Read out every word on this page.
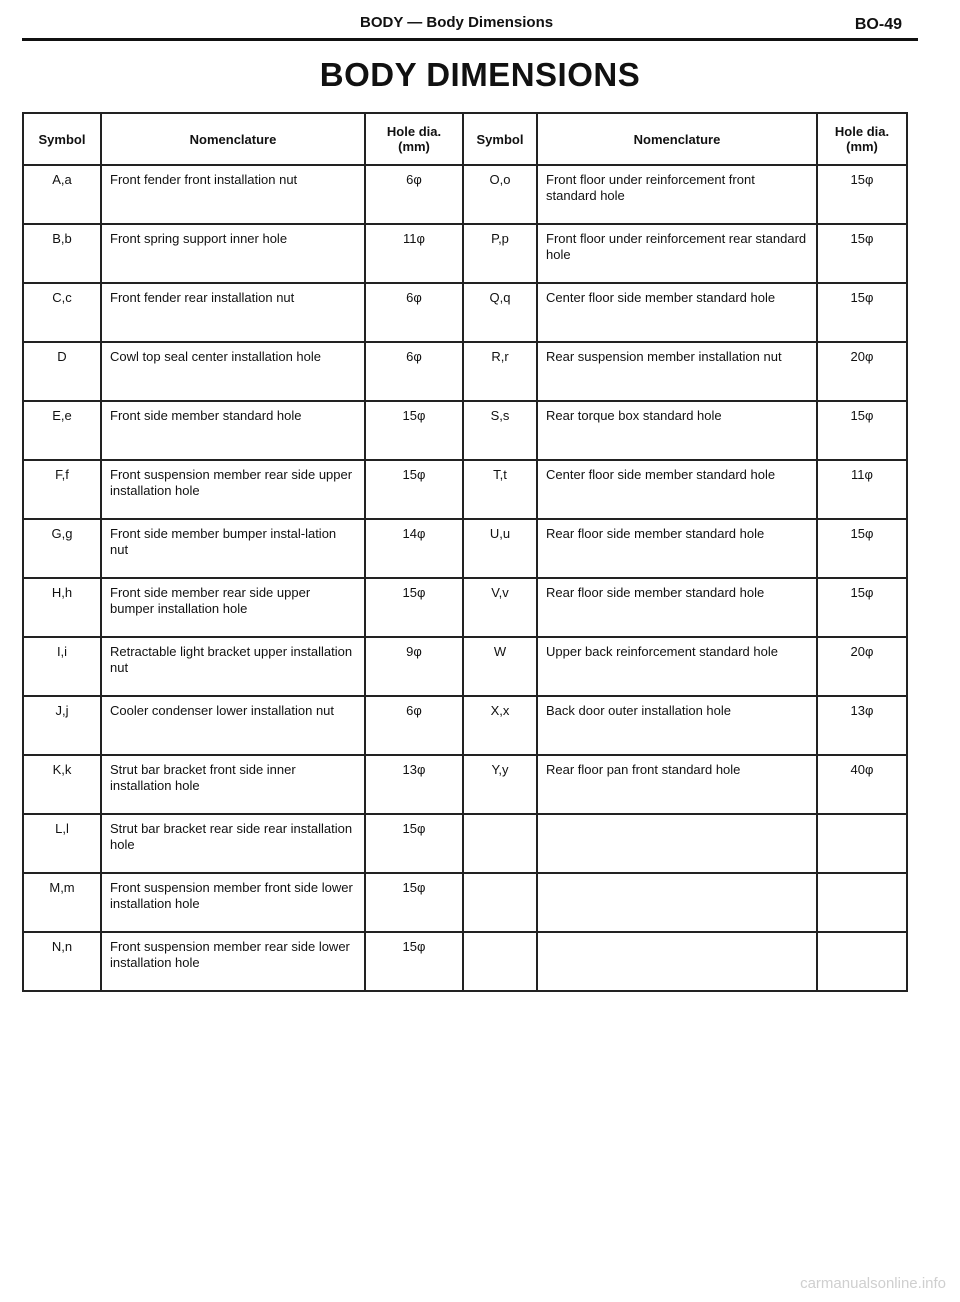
BODY — Body Dimensions	BO-49
BODY DIMENSIONS
Symbol	Nomenclature	Hole dia. (mm)	Symbol	Nomenclature	Hole dia. (mm)
A,a	Front fender front installation nut	6φ	O,o	Front floor under reinforcement front standard hole	15φ
B,b	Front spring support inner hole	11φ	P,p	Front floor under reinforcement rear standard hole	15φ
C,c	Front fender rear installation nut	6φ	Q,q	Center floor side member standard hole	15φ
D	Cowl top seal center installation hole	6φ	R,r	Rear suspension member installation nut	20φ
E,e	Front side member standard hole	15φ	S,s	Rear torque box standard hole	15φ
F,f	Front suspension member rear side upper installation hole	15φ	T,t	Center floor side member standard hole	11φ
G,g	Front side member bumper instal-lation nut	14φ	U,u	Rear floor side member standard hole	15φ
H,h	Front side member rear side upper bumper installation hole	15φ	V,v	Rear floor side member standard hole	15φ
I,i	Retractable light bracket upper installation nut	9φ	W	Upper back reinforcement standard hole	20φ
J,j	Cooler condenser lower installation nut	6φ	X,x	Back door outer installation hole	13φ
K,k	Strut bar bracket front side inner installation hole	13φ	Y,y	Rear floor pan front standard hole	40φ
L,l	Strut bar bracket rear side rear installation hole	15φ			
M,m	Front suspension member front side lower installation hole	15φ			
N,n	Front suspension member rear side lower installation hole	15φ			
carmanualsonline.info
